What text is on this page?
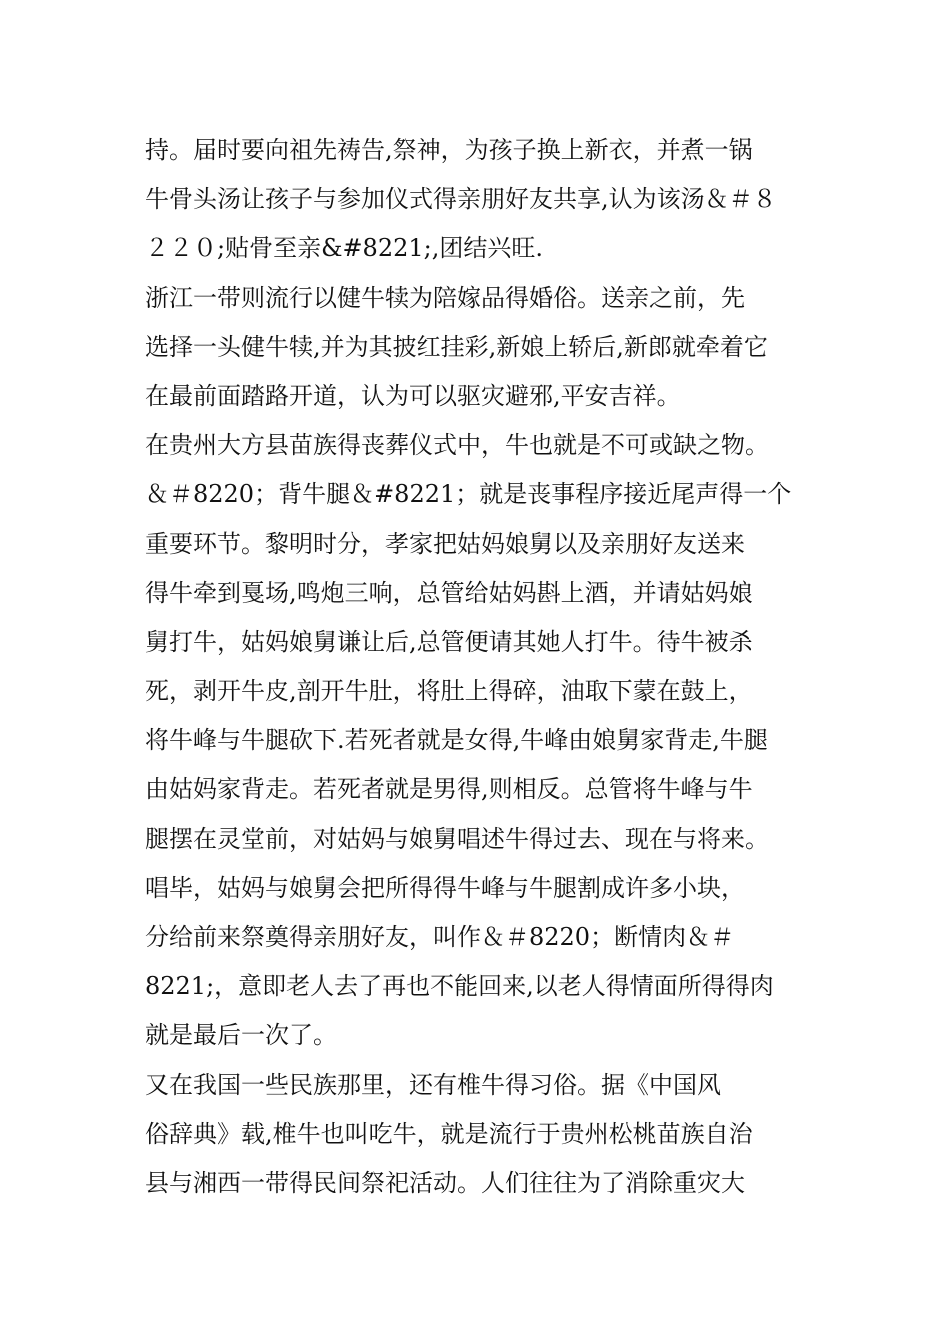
持。届时要向祖先祷告,祭神，为孩子换上新衣，并煮一锅
牛骨头汤让孩子与参加仪式得亲朋好友共享,认为该汤＆＃８
２２０;贴骨至亲&#8221;,团结兴旺.
浙江一带则流行以健牛犊为陪嫁品得婚俗。送亲之前，先
选择一头健牛犊,并为其披红挂彩,新娘上轿后,新郎就牵着它
在最前面踏路开道，认为可以驱灾避邪,平安吉祥。
在贵州大方县苗族得丧葬仪式中，牛也就是不可或缺之物。
＆＃8220；背牛腿＆#8221；就是丧事程序接近尾声得一个
重要环节。黎明时分，孝家把姑妈娘舅以及亲朋好友送来
得牛牵到戛场,鸣炮三响，总管给姑妈斟上酒，并请姑妈娘
舅打牛，姑妈娘舅谦让后,总管便请其她人打牛。待牛被杀
死，剥开牛皮,剖开牛肚，将肚上得碎，油取下蒙在鼓上，
将牛峰与牛腿砍下.若死者就是女得,牛峰由娘舅家背走,牛腿
由姑妈家背走。若死者就是男得,则相反。总管将牛峰与牛
腿摆在灵堂前，对姑妈与娘舅唱述牛得过去、现在与将来。
唱毕，姑妈与娘舅会把所得得牛峰与牛腿割成许多小块，
分给前来祭奠得亲朋好友，叫作＆＃8220；断情肉＆＃
8221;，意即老人去了再也不能回来,以老人得情面所得得肉
就是最后一次了。
又在我国一些民族那里，还有椎牛得习俗。据《中国风
俗辞典》载,椎牛也叫吃牛，就是流行于贵州松桃苗族自治
县与湘西一带得民间祭祀活动。人们往往为了消除重灾大
